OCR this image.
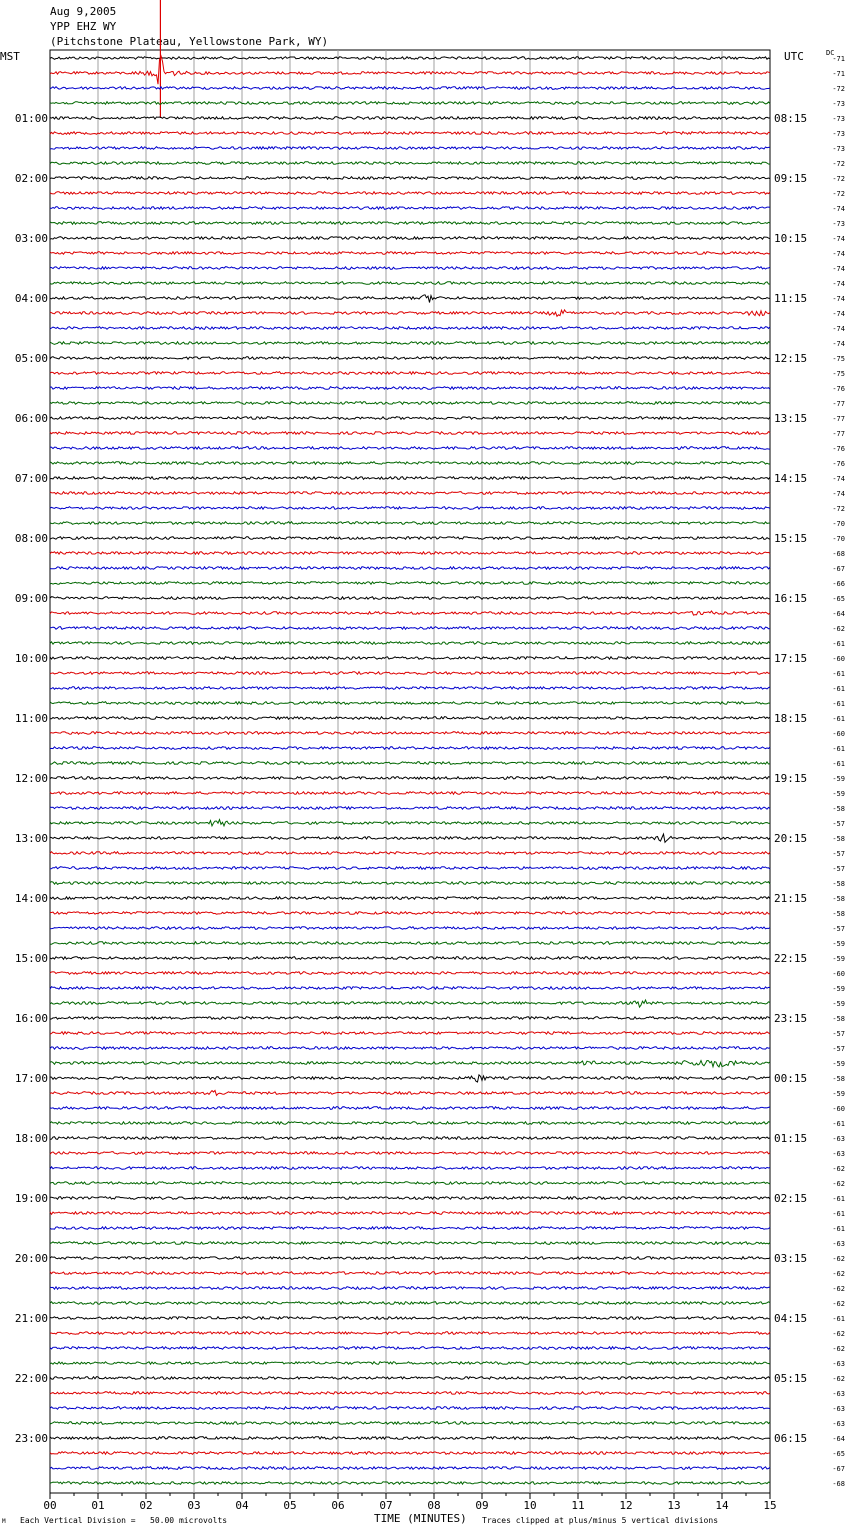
Aug 9,2005
YPP EHZ WY
(Pitchstone Plateau, Yellowstone Park, WY)
MST	UTC	DC
00	01	02	03	04	05	06	07	08	09	10	11	12	13	14	15
-71
-71
-72
-73
-73
01:00	08:15
-73
-73
-72
-72
02:00	09:15
-72
-74
-73
-74
03:00	10:15
-74
-74
-74
-74
04:00	11:15
-74
-74
-74
-75
05:00	12:15
-75
-76
-77
-77
06:00	13:15
-77
-76
-76
-74
07:00	14:15
-74
-72
-70
-70
08:00	15:15
-68
-67
-66
-65
09:00	16:15
-64
-62
-61
-60
10:00	17:15
-61
-61
-61
-61
11:00	18:15
-60
-61
-61
-59
12:00	19:15
-59
-58
-57
-58
13:00	20:15
-57
-57
-58
-58
14:00	21:15
-58
-57
-59
-59
15:00	22:15
-60
-59
-59
-58
16:00	23:15
-57
-57
-59
-58
17:00	00:15
-59
-60
-61
-63
18:00	01:15
-63
-62
-62
-61
19:00	02:15
-61
-61
-63
-62
20:00	03:15
-62
-62
-62
-61
21:00	04:15
-62
-62
-63
-62
22:00	05:15
-63
-63
-63
-64
23:00	06:15
-65
-67
-68
Each Vertical Division =   50.00 microvolts	TIME (MINUTES) Traces clipped at plus/minus 5 vertical divisions
M
